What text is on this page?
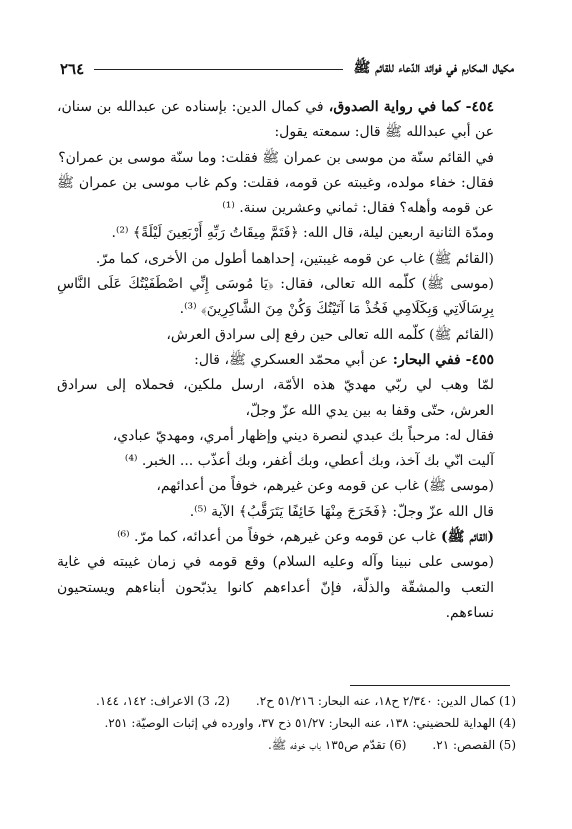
مكيال المكارم في فوائد الدّعاء للقائم ﷺ
٢٦٤

٤٥٤- كما في رواية الصدوق، في كمال الدين: بإسناده عن عبدالله بن سنان، عن أبي عبدالله ﷺ قال: سمعته يقول:

في القائم سنّة من موسى بن عمران ﷺ فقلت: وما سنّة موسى بن عمران؟

فقال: خفاء مولده، وغيبته عن قومه، فقلت: وكم غاب موسى بن عمران ﷺ عن قومه وأهله؟ فقال: ثماني وعشرين سنة. ⁽¹⁾

ومدّة الثانية اربعين ليلة، قال الله: ﴿فَتَمَّ مِيقَاتُ رَبِّهِ أَرْبَعِينَ لَيْلَةً﴾ ⁽²⁾.

(القائم ﷺ) غاب عن قومه غيبتين، إحداهما أطول من الأخرى، كما مرّ.

(موسى ﷺ) كلّمه الله تعالى، فقال: ﴿يَا مُوسَى إِنِّي اصْطَفَيْتُكَ عَلَى النَّاسِ بِرِسَالَاتِي وَبِكَلَامِي فَخُذْ مَا آتَيْتُكَ وَكُنْ مِنَ الشَّاكِرِينَ﴾ ⁽³⁾.

(القائم ﷺ) كلّمه الله تعالى حين رفع إلى سرادق العرش،

٤٥٥- ففي البحار: عن أبي محمّد العسكري ﷺ، قال:

لمّا وهب لي ربّي مهديّ هذه الأمّة، ارسل ملكين، فحملاه إلى سرادق العرش، حتّى وقفا به بين يدي الله عزّ وجلّ،

فقال له: مرحباً بك عبدي لنصرة ديني وإظهار أمري، ومهديّ عبادي،

آليت انّي بك آخذ، وبك أعطي، وبك أغفر، وبك أعذّب ... الخبر. ⁽⁴⁾

(موسى ﷺ) غاب عن قومه وعن غيرهم، خوفاً من أعدائهم،

قال الله عزّ وجلّ: ﴿فَخَرَجَ مِنْهَا خَائِفًا يَتَرَقَّبُ﴾ الآية ⁽⁵⁾.

(القائم ﷺ) غاب عن قومه وعن غيرهم، خوفاً من أعدائه، كما مرّ. ⁽⁶⁾

(موسى على نبينا وآله وعليه السلام) وقع قومه في زمان غيبته في غاية التعب والمشقّة والذلّة، فإنّ أعداءهم كانوا يذبّحون أبناءهم ويستحيون نساءهم.

(1) كمال الدين: ٢/٣٤٠ ح١٨، عنه البحار: ٥١/٢١٦ ح٢.(2، 3) الاعراف: ١٤٢، ١٤٤.

(4) الهداية للحضيني: ١٣٨، عنه البحار: ٥١/٢٧ ذح ٣٧، واورده في إثبات الوصيّة: ٢٥١.

(5) القصص: ٢١.(6) تقدّم ص١٣٥ باب خوفه ﷺ.
